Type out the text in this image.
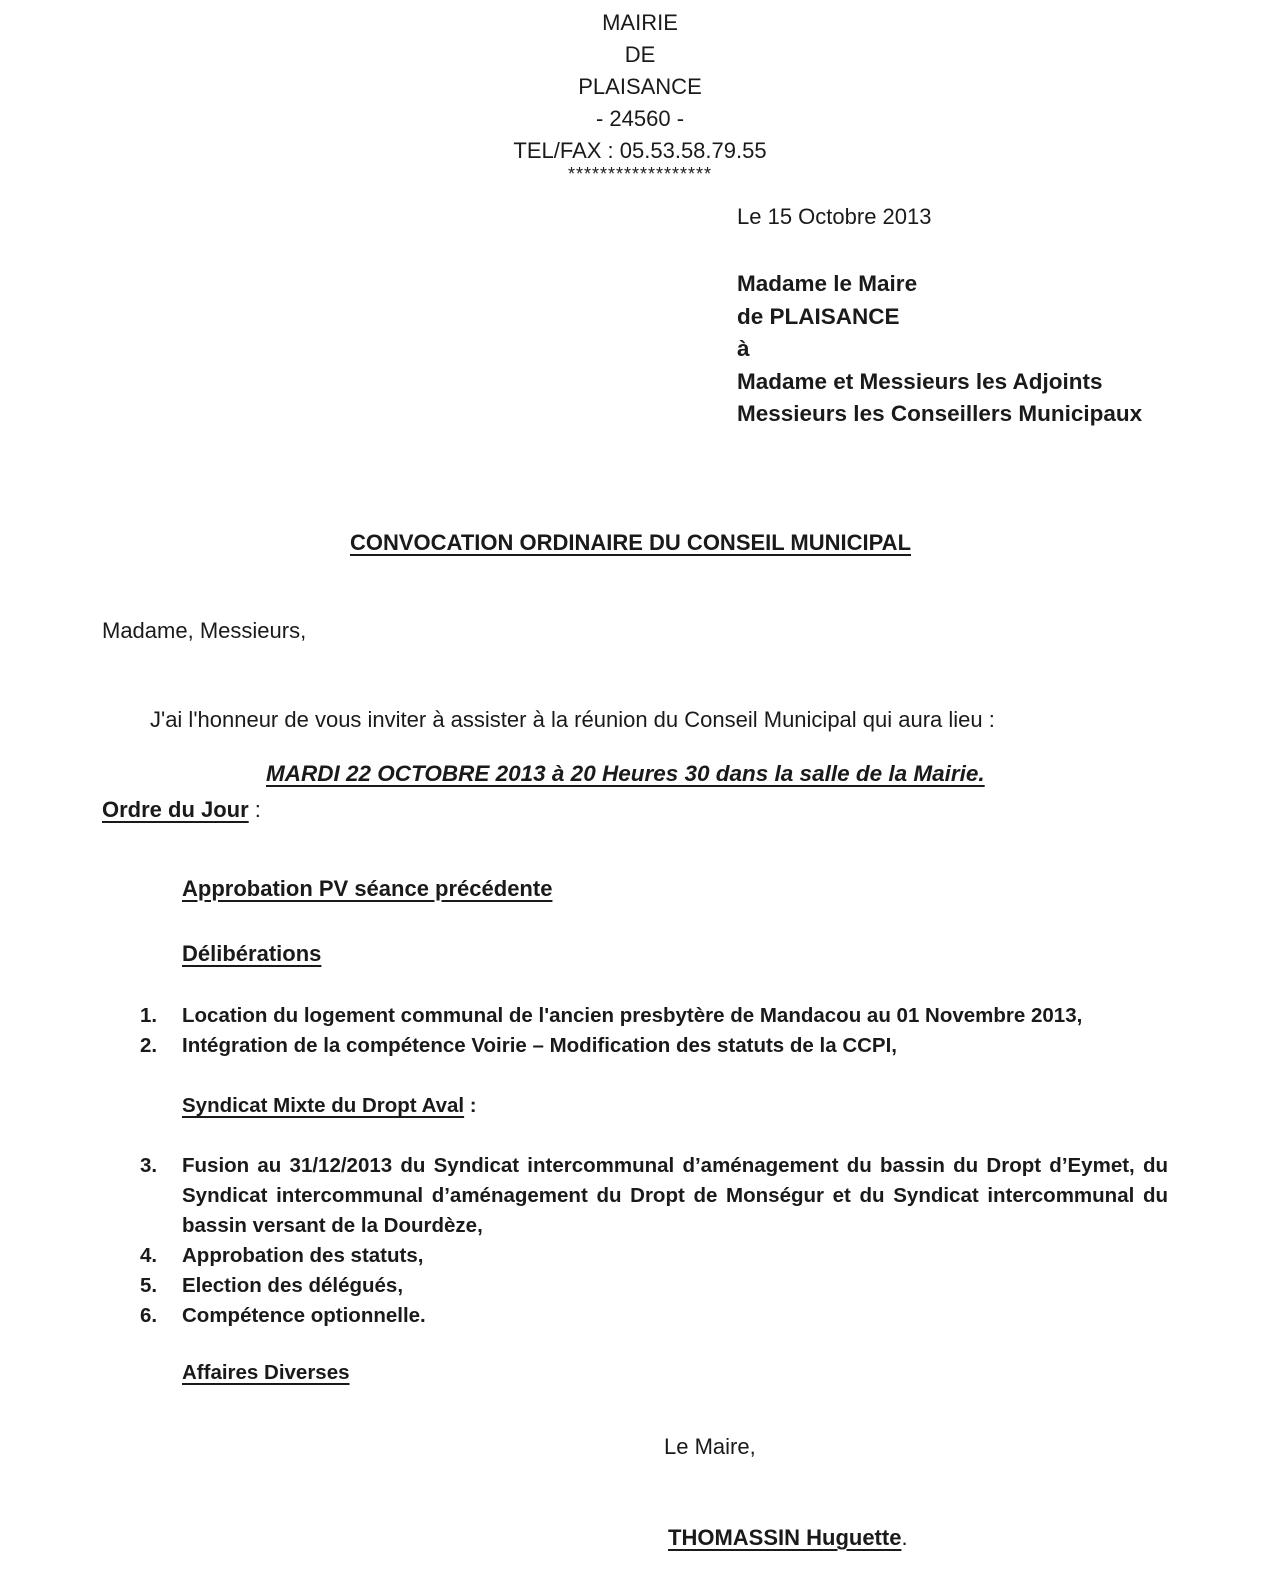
MAIRIE
DE
PLAISANCE
- 24560 -
TEL/FAX : 05.53.58.79.55
******************
Le 15 Octobre 2013
Madame le Maire
de PLAISANCE
à
Madame et Messieurs les Adjoints
Messieurs les Conseillers Municipaux
CONVOCATION ORDINAIRE DU CONSEIL MUNICIPAL
Madame, Messieurs,
J'ai l'honneur de vous inviter à assister à la réunion du Conseil Municipal qui aura lieu :
MARDI 22 OCTOBRE 2013 à 20 Heures 30 dans la salle de la Mairie.
Ordre du Jour :
Approbation PV séance précédente
Délibérations
1. Location du logement communal de l'ancien presbytère de Mandacou au 01 Novembre 2013,
2. Intégration de la compétence Voirie – Modification des statuts de la CCPI,
Syndicat Mixte du Dropt Aval :
3. Fusion au 31/12/2013 du Syndicat intercommunal d’aménagement du bassin du Dropt d’Eymet, du Syndicat intercommunal d’aménagement du Dropt de Monségur et du Syndicat intercommunal du bassin versant de la Dourdèze,
4. Approbation des statuts,
5. Election des délégués,
6. Compétence optionnelle.
Affaires Diverses
Le Maire,
THOMASSIN Huguette.
